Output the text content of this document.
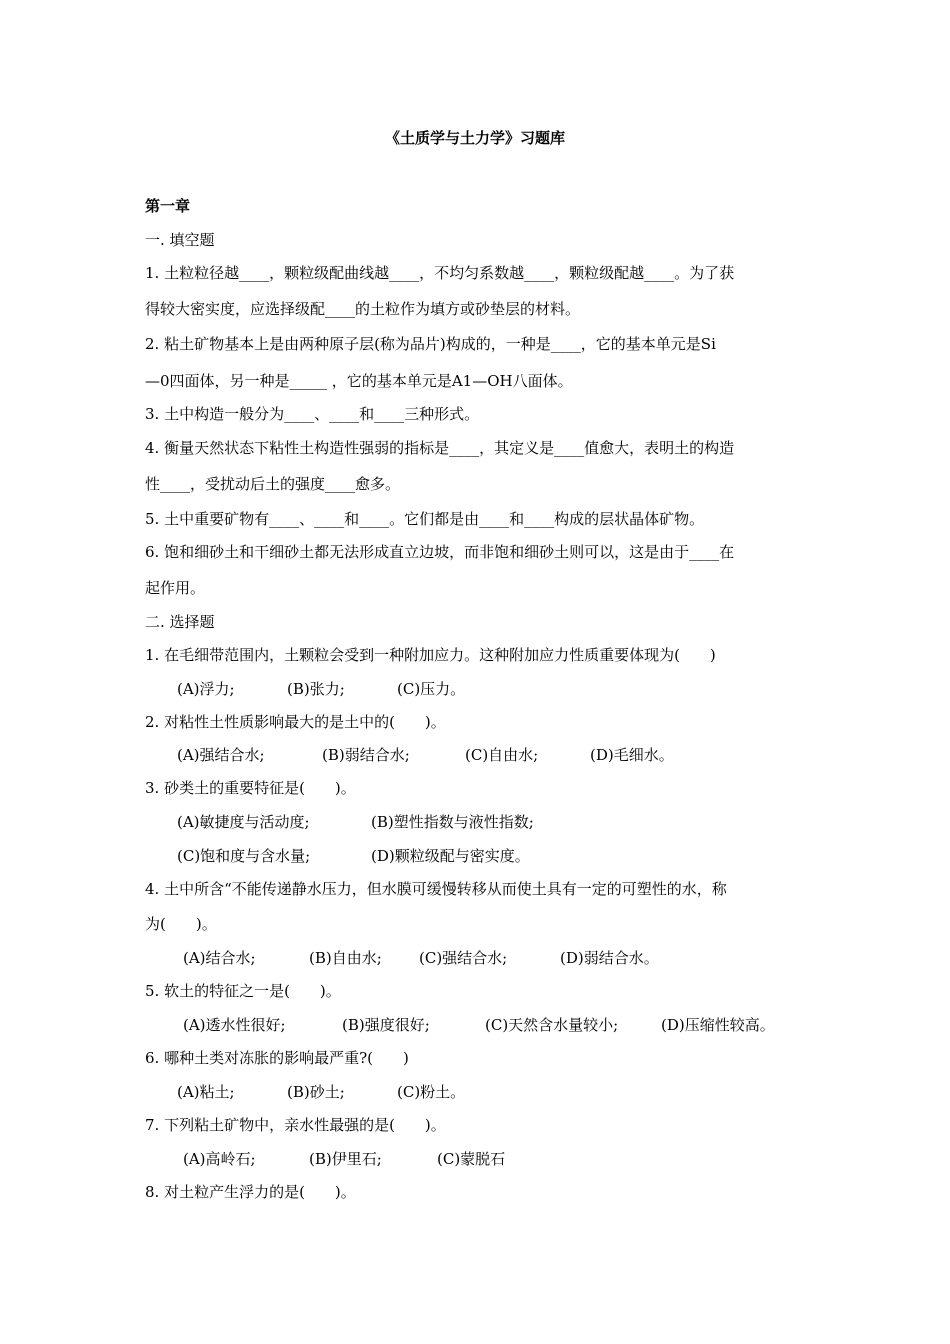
《土质学与土力学》习题库
第一章
一. 填空题
1. 土粒粒径越____，颗粒级配曲线越____，不均匀系数越____，颗粒级配越____。为了获
得较大密实度，应选择级配____的土粒作为填方或砂垫层的材料。
2. 粘土矿物基本上是由两种原子层(称为品片)构成的，一种是____，它的基本单元是Si
—0四面体，另一种是_____ ，它的基本单元是A1—OH八面体。
3. 土中构造一般分为____、____和____三种形式。
4. 衡量天然状态下粘性土构造性强弱的指标是____，其定义是____值愈大，表明土的构造
性____，受扰动后土的强度____愈多。
5. 土中重要矿物有____、____和____。它们都是由____和____构成的层状晶体矿物。
6. 饱和细砂土和干细砂土都无法形成直立边坡，而非饱和细砂土则可以，这是由于____在
起作用。
二. 选择题
1. 在毛细带范围内，土颗粒会受到一种附加应力。这种附加应力性质重要体现为(　　)
(A)浮力;	(B)张力;	(C)压力。
2. 对粘性土性质影响最大的是土中的(　　)。
(A)强结合水;	(B)弱结合水;	(C)自由水;	(D)毛细水。
3. 砂类土的重要特征是(　　)。
(A)敏捷度与活动度;	(B)塑性指数与液性指数;
(C)饱和度与含水量;	(D)颗粒级配与密实度。
4. 土中所含“不能传递静水压力，但水膜可缓慢转移从而使土具有一定的可塑性的水，称
为(　　)。
(A)结合水;	(B)自由水; (C)强结合水;	(D)弱结合水。
5. 软土的特征之一是(　　)。
(A)透水性很好;	(B)强度很好;	(C)天然含水量较小;	(D)压缩性较高。
6. 哪种土类对冻胀的影响最严重?(　　)
(A)粘土;	(B)砂土;	(C)粉土。
7. 下列粘土矿物中，亲水性最强的是(　　)。
(A)高岭石;	(B)伊里石;	(C)蒙脱石
8. 对土粒产生浮力的是(　　)。
